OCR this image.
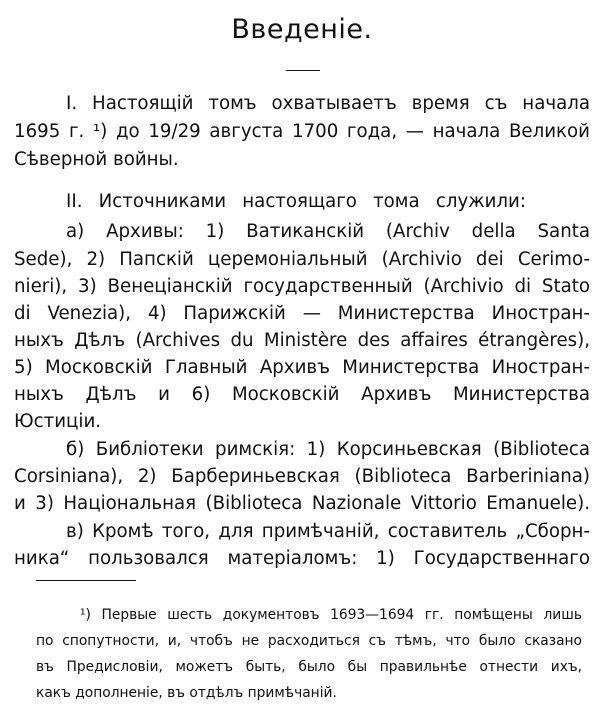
Введенiе.
I. Настоящiй томъ охватываетъ время съ начала
1695 г. ¹) до 19/29 августа 1700 года, — начала Великой
Сѣверной войны.
II. Источниками настоящаго тома служили:
а) Архивы: 1) Ватиканскiй (Archiv della Santa
Sede), 2) Папскiй церемонiальный (Archivio dei Cerimo-
nieri), 3) Венецiанскiй государственный (Archivio di Stato
di Venezia), 4) Парижскiй — Министерства Иностран-
ныхъ Дѣлъ (Archives du Ministère des affaires étrangères),
5) Московскiй Главный Архивъ Министерства Иностран-
ныхъ Дѣлъ и 6) Московскiй Архивъ Министерства
Юстицiи.
б) Библiотеки римскiя: 1) Корсиньевская (Biblioteca
Corsiniana), 2) Барбериньевская (Biblioteca Barberiniana)
и 3) Нацiональная (Biblioteca Nazionale Vittorio Emanuele).
в) Кромѣ того, для примѣчанiй, составитель „Сборн-
ника“ пользовался матерiаломъ: 1) Государственнаго
¹) Первые шесть документовъ 1693—1694 гг. помѣщены лишь
по спопутности, и, чтобъ не расходиться съ тѣмъ, что было сказано
въ Предисловiи, можетъ быть, было бы правильнѣе отнести ихъ,
какъ дополненiе, въ отдѣлъ примѣчанiй.
